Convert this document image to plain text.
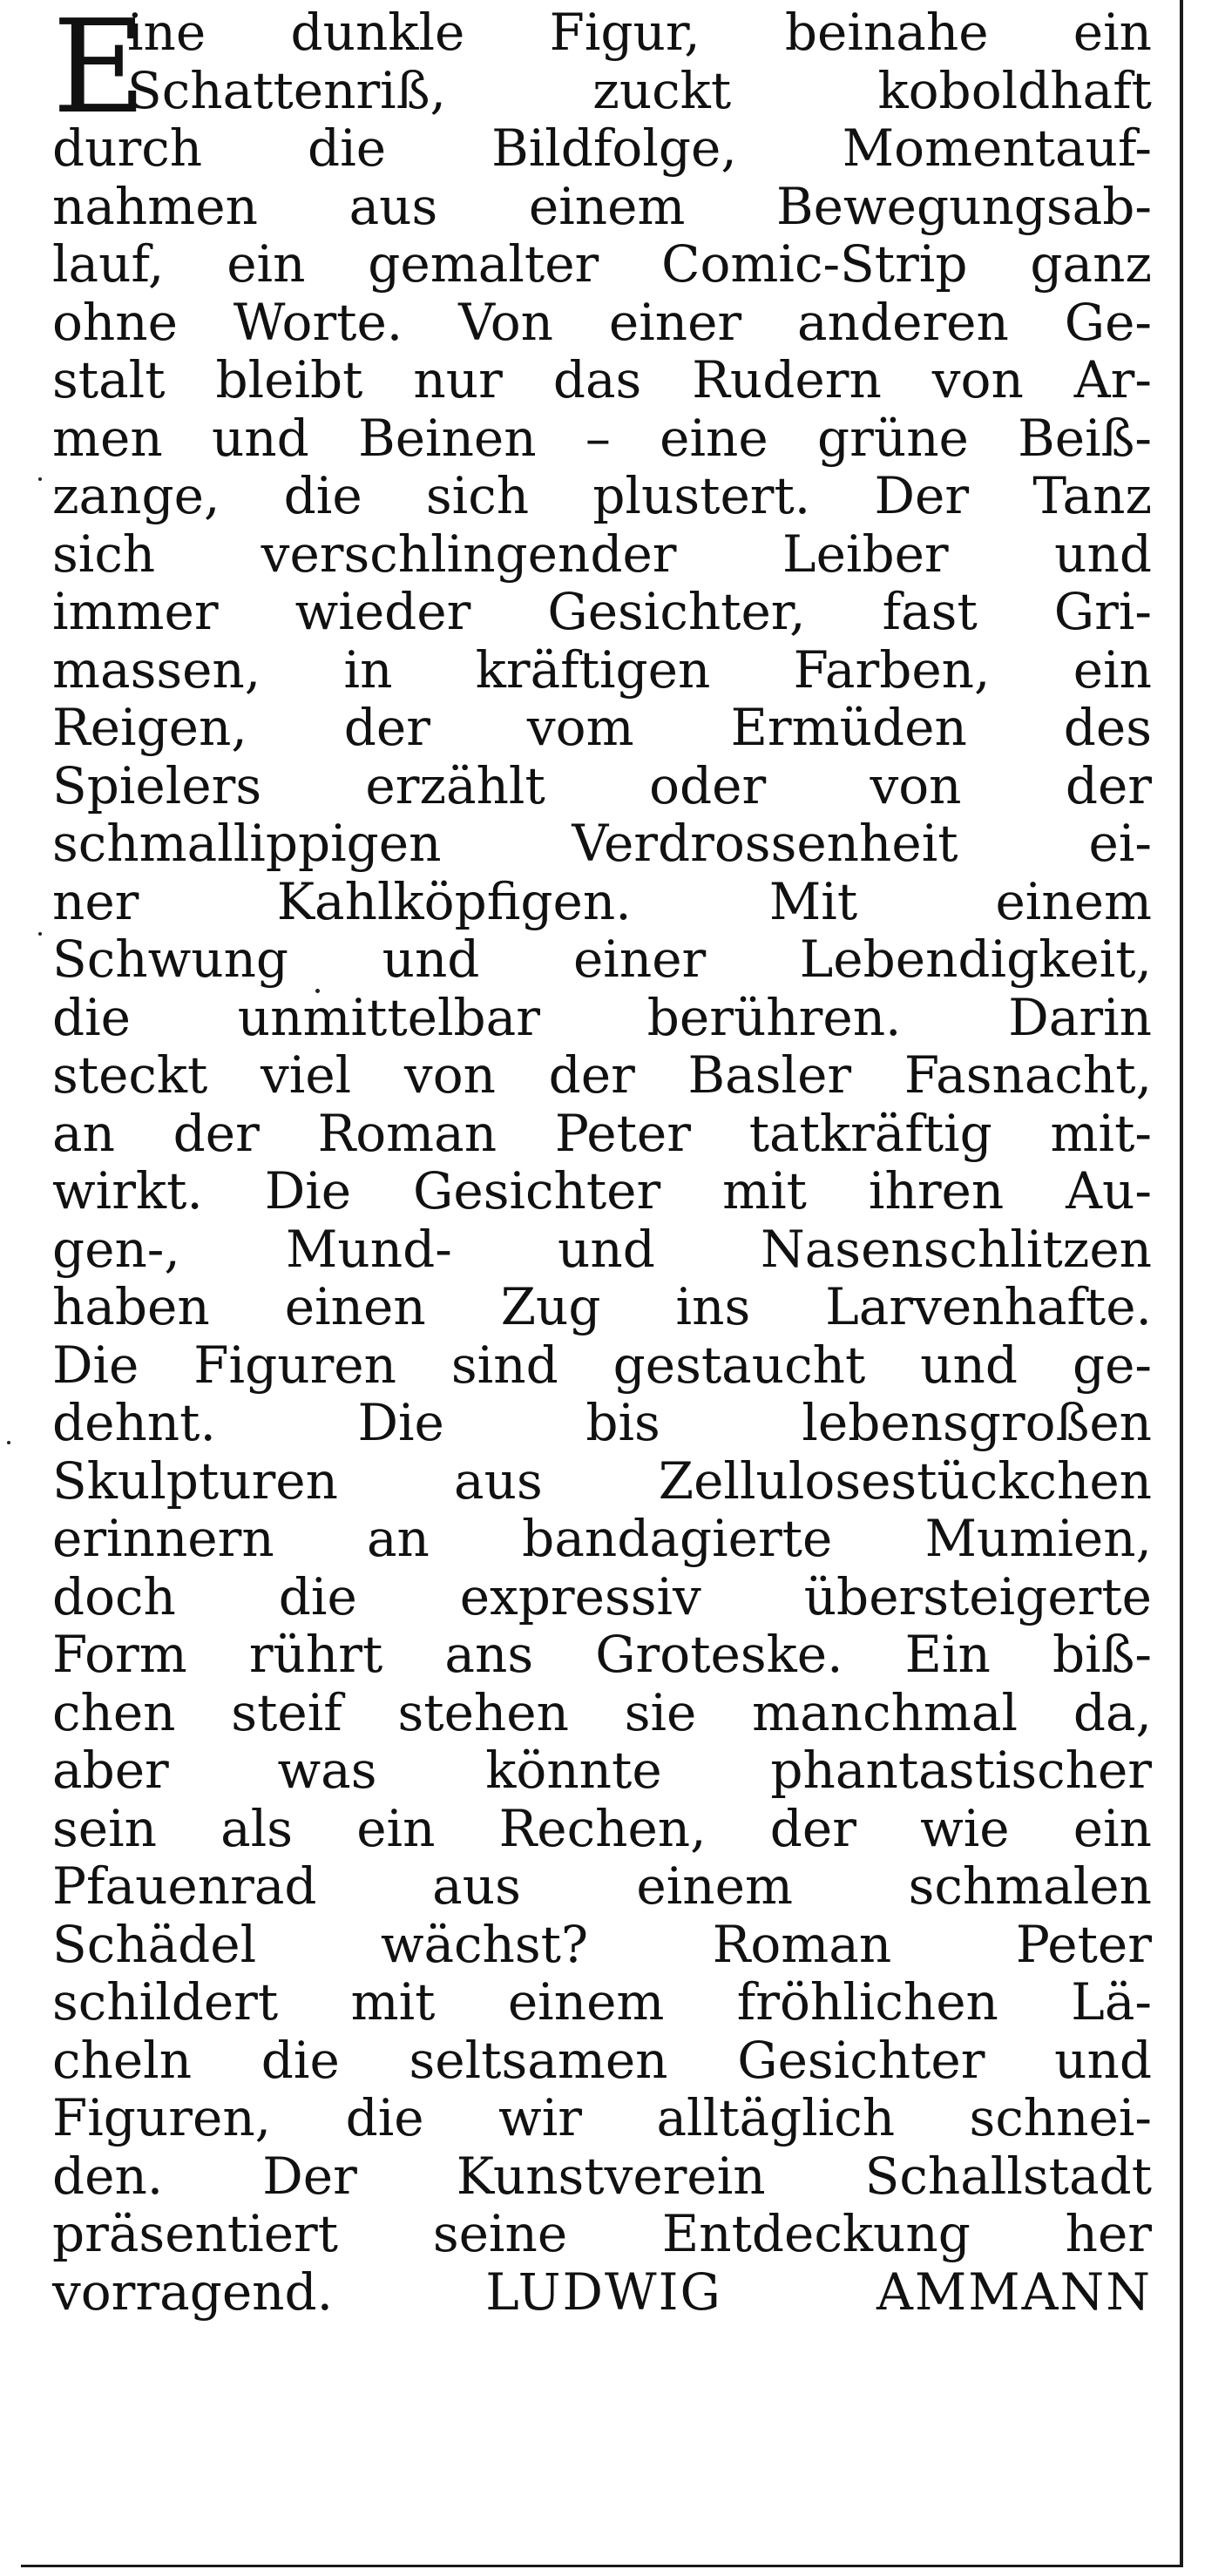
E
ine dunkle Figur, beinahe ein
Schattenriß, zuckt koboldhaft
durch die Bildfolge, Momentauf-
nahmen aus einem Bewegungsab-
lauf, ein gemalter Comic-Strip ganz
ohne Worte. Von einer anderen Ge-
stalt bleibt nur das Rudern von Ar-
men und Beinen – eine grüne Beiß-
zange, die sich plustert. Der Tanz
sich verschlingender Leiber und
immer wieder Gesichter, fast Gri-
massen, in kräftigen Farben, ein
Reigen, der vom Ermüden des
Spielers erzählt oder von der
schmallippigen Verdrossenheit ei-
ner Kahlköpfigen. Mit einem
Schwung und einer Lebendigkeit,
die unmittelbar berühren. Darin
steckt viel von der Basler Fasnacht,
an der Roman Peter tatkräftig mit-
wirkt. Die Gesichter mit ihren Au-
gen-, Mund- und Nasenschlitzen
haben einen Zug ins Larvenhafte.
Die Figuren sind gestaucht und ge-
dehnt. Die bis lebensgroßen
Skulpturen aus Zellulosestückchen
erinnern an bandagierte Mumien,
doch die expressiv übersteigerte
Form rührt ans Groteske. Ein biß-
chen steif stehen sie manchmal da,
aber was könnte phantastischer
sein als ein Rechen, der wie ein
Pfauenrad aus einem schmalen
Schädel wächst? Roman Peter
schildert mit einem fröhlichen Lä-
cheln die seltsamen Gesichter und
Figuren, die wir alltäglich schnei-
den. Der Kunstverein Schallstadt
präsentiert seine Entdeckung her
vorragend.	LUDWIG AMMANN
